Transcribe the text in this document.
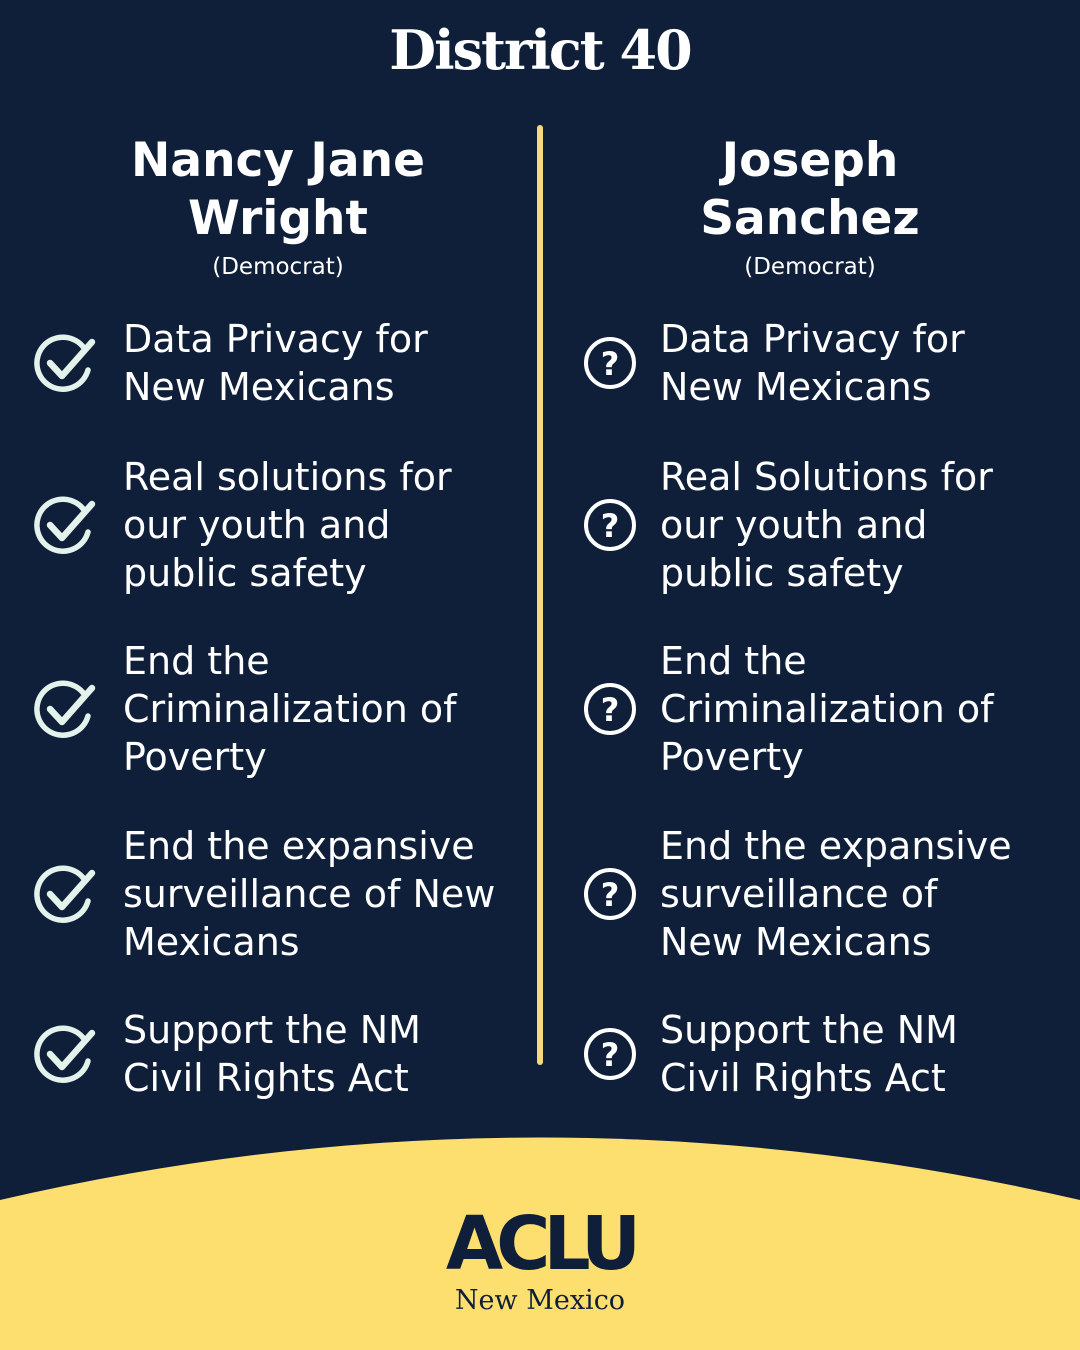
District 40
Nancy Jane
Wright
(Democrat)
Joseph
Sanchez
(Democrat)
Data Privacy for
New Mexicans
Real solutions for
our youth and
public safety
End the
Criminalization of
Poverty
End the expansive
surveillance of New
Mexicans
Support the NM
Civil Rights Act
?
Data Privacy for
New Mexicans
?
Real Solutions for
our youth and
public safety
?
End the
Criminalization of
Poverty
?
End the expansive
surveillance of
New Mexicans
?
Support the NM
Civil Rights Act
ACLU
New Mexico
